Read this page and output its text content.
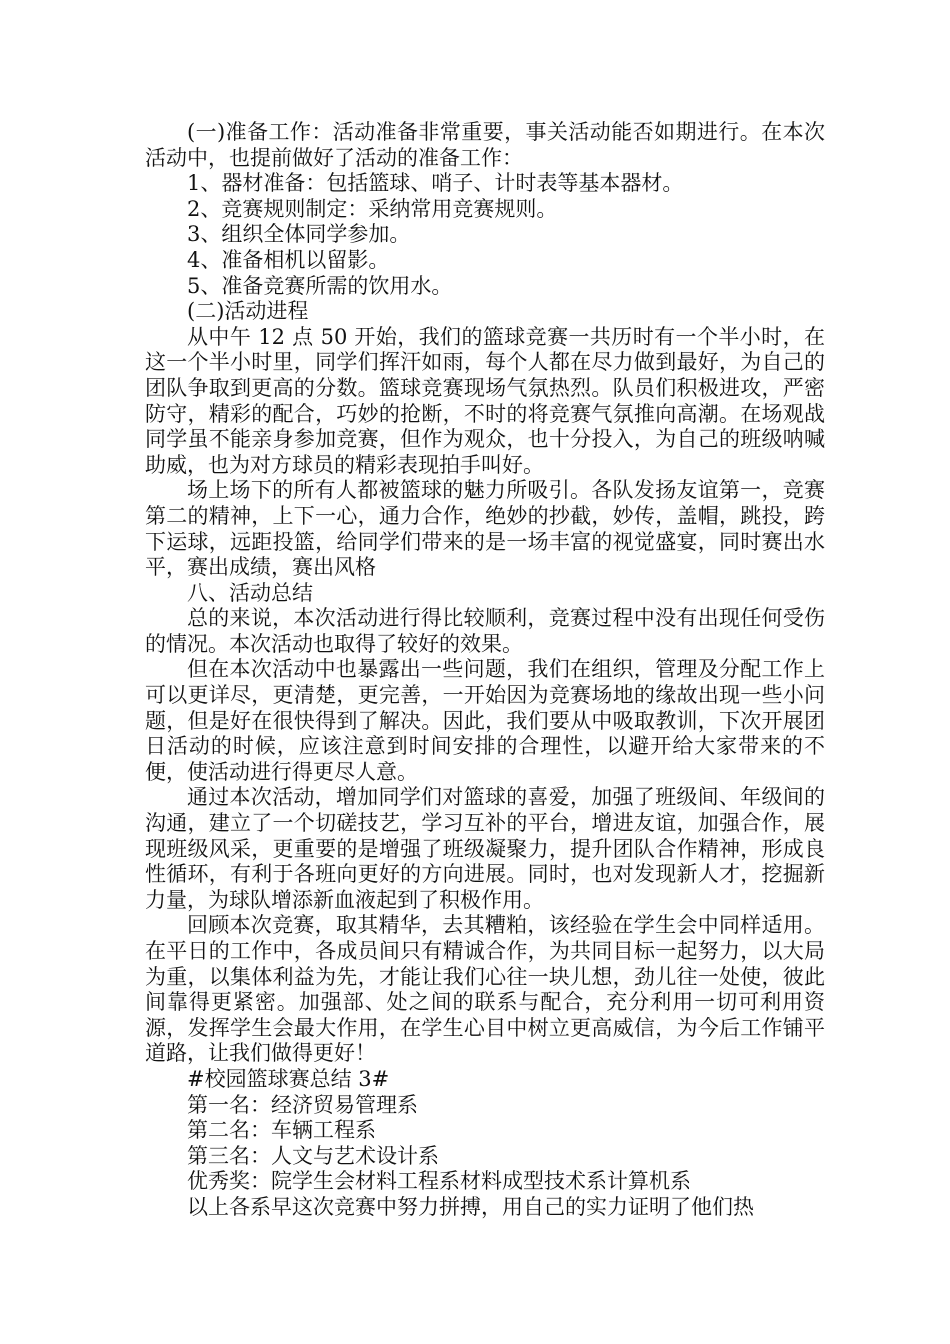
(一)准备工作：活动准备非常重要，事关活动能否如期进行。在本次活动中，也提前做好了活动的准备工作：

1、器材准备：包括篮球、哨子、计时表等基本器材。

2、竞赛规则制定：采纳常用竞赛规则。

3、组织全体同学参加。

4、准备相机以留影。

5、准备竞赛所需的饮用水。

(二)活动进程

从中午 12 点 50 开始，我们的篮球竞赛一共历时有一个半小时，在这一个半小时里，同学们挥汗如雨，每个人都在尽力做到最好，为自己的团队争取到更高的分数。篮球竞赛现场气氛热烈。队员们积极进攻，严密防守，精彩的配合，巧妙的抢断，不时的将竞赛气氛推向高潮。在场观战同学虽不能亲身参加竞赛，但作为观众，也十分投入，为自己的班级呐喊助威，也为对方球员的精彩表现拍手叫好。

场上场下的所有人都被篮球的魅力所吸引。各队发扬友谊第一，竞赛第二的精神，上下一心，通力合作，绝妙的抄截，妙传，盖帽，跳投，跨下运球，远距投篮，给同学们带来的是一场丰富的视觉盛宴，同时赛出水平，赛出成绩，赛出风格

八、活动总结

总的来说，本次活动进行得比较顺利，竞赛过程中没有出现任何受伤的情况。本次活动也取得了较好的效果。

但在本次活动中也暴露出一些问题，我们在组织，管理及分配工作上可以更详尽，更清楚，更完善，一开始因为竞赛场地的缘故出现一些小问题，但是好在很快得到了解决。因此，我们要从中吸取教训，下次开展团日活动的时候，应该注意到时间安排的合理性，以避开给大家带来的不便，使活动进行得更尽人意。

通过本次活动，增加同学们对篮球的喜爱，加强了班级间、年级间的沟通，建立了一个切磋技艺，学习互补的平台，增进友谊，加强合作，展现班级风采，更重要的是增强了班级凝聚力，提升团队合作精神，形成良性循环，有利于各班向更好的方向进展。同时，也对发现新人才，挖掘新力量，为球队增添新血液起到了积极作用。

回顾本次竞赛，取其精华，去其糟粕，该经验在学生会中同样适用。在平日的工作中，各成员间只有精诚合作，为共同目标一起努力，以大局为重，以集体利益为先，才能让我们心往一块儿想，劲儿往一处使，彼此间靠得更紧密。加强部、处之间的联系与配合，充分利用一切可利用资源，发挥学生会最大作用，在学生心目中树立更高威信，为今后工作铺平道路，让我们做得更好！

#校园篮球赛总结 3#

第一名：经济贸易管理系

第二名：车辆工程系

第三名：人文与艺术设计系

优秀奖：院学生会材料工程系材料成型技术系计算机系

以上各系早这次竞赛中努力拼搏，用自己的实力证明了他们热
